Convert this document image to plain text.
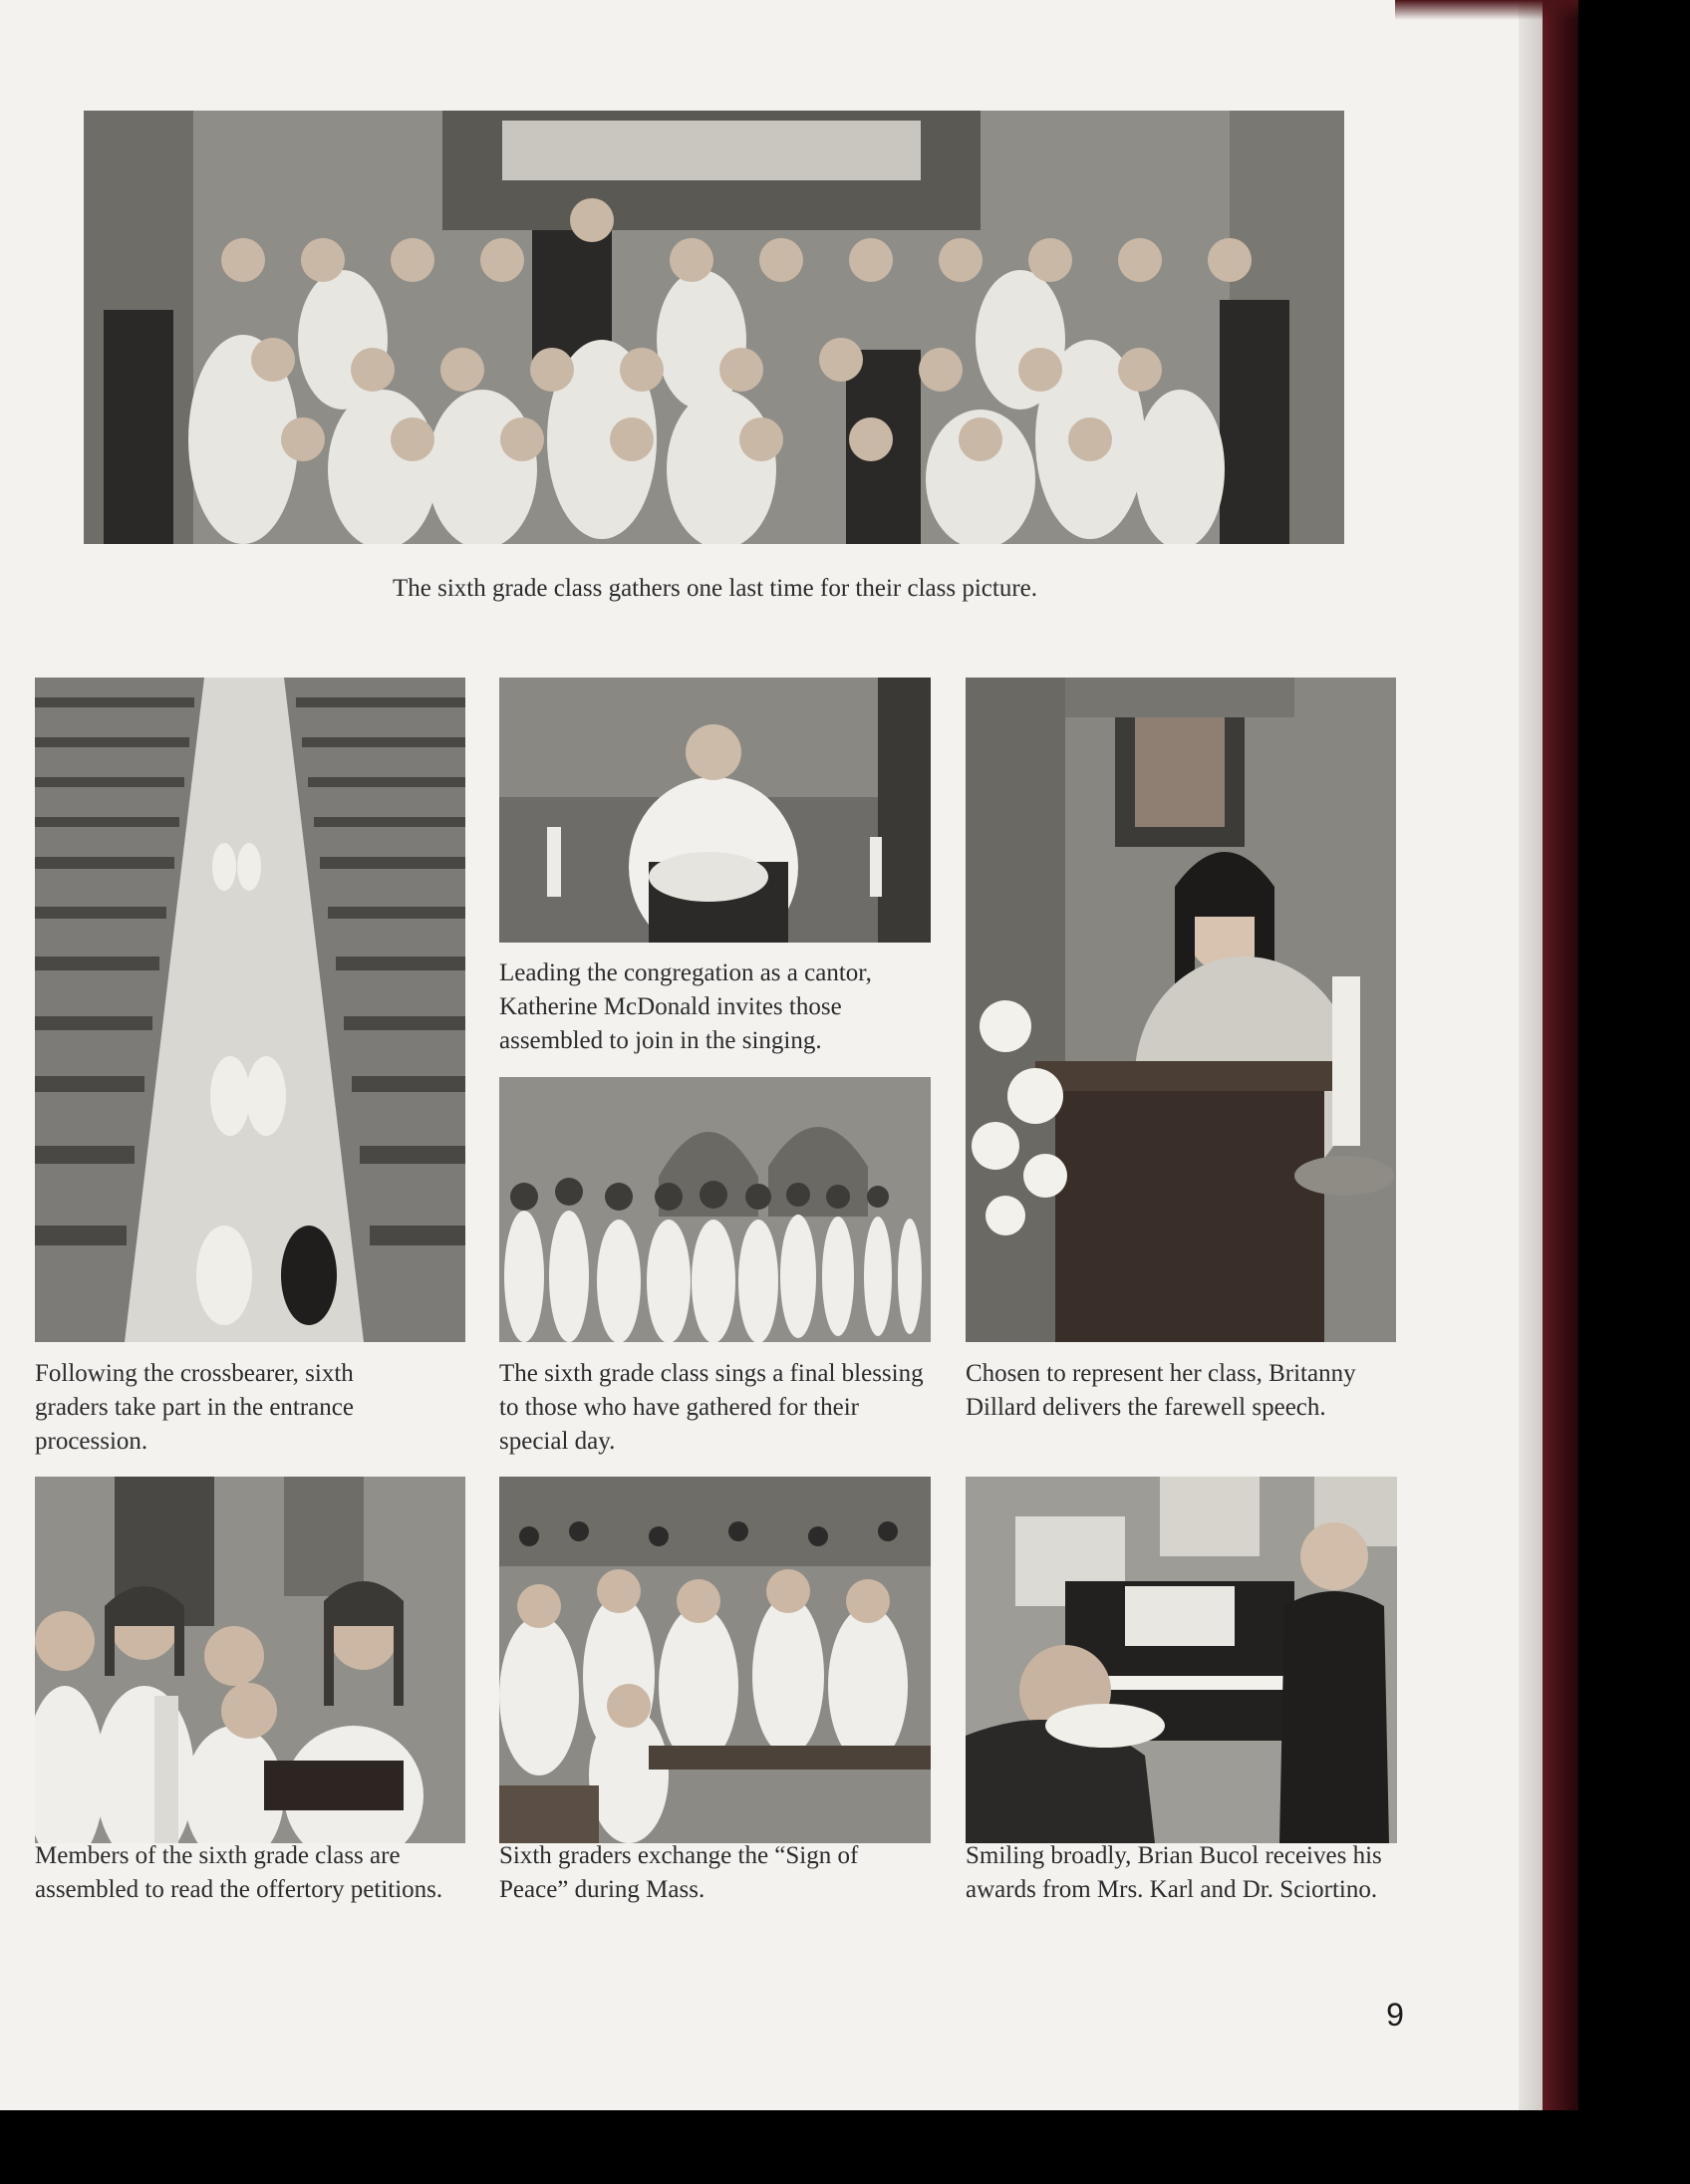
The sixth grade class gathers one last time for their class picture.

Following the crossbearer, sixth graders take part in the entrance procession.

Leading the congregation as a cantor, Katherine McDonald invites those assembled to join in the singing.

The sixth grade class sings a final blessing to those who have gathered for their special day.

Chosen to represent her class, Britanny Dillard delivers the farewell speech.

Members of the sixth grade class are assembled to read the offertory petitions.

Sixth graders exchange the “Sign of Peace” during Mass.

Smiling broadly, Brian Bucol receives his awards from Mrs. Karl and Dr. Sciortino.

9
